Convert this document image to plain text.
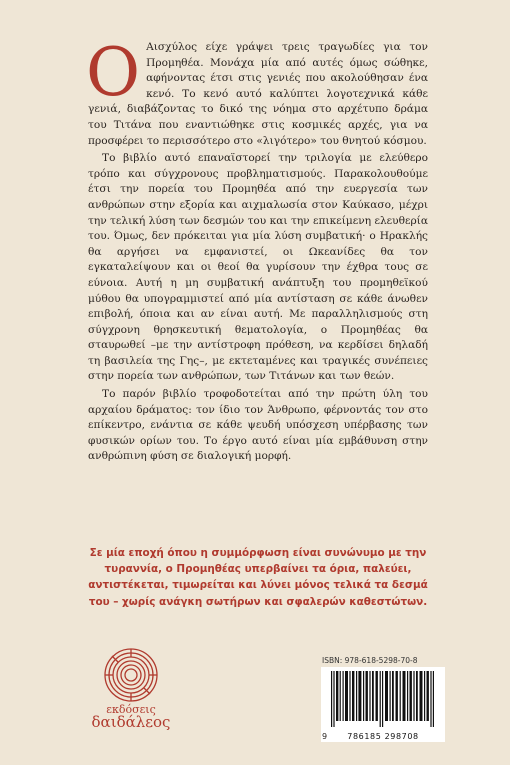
Ο Αισχύλος είχε γράψει τρεις τραγωδίες για τον Προμηθέα. Μονάχα μία από αυτές όμως σώθηκε, αφήνοντας έτσι στις γενιές που ακολούθησαν ένα κενό. Το κενό αυτό καλύπτει λογοτεχνικά κάθε γενιά, διαβάζοντας τo δικό της νόημα στο αρχέτυπο δράμα του Τιτάνα που εναντιώθηκε στις κοσμικές αρχές, για να προσφέρει το περισσότερο στο «λιγότερο» του θνητού κόσμου.

Το βιβλίο αυτό επαναϊστορεί την τριλογία με ελεύθερο τρόπο και σύγχρονους προβληματισμούς. Παρακολουθούμε έτσι την πορεία του Προμηθέα από την ευεργεσία των ανθρώπων στην εξορία και αιχμαλωσία στον Καύκασο, μέχρι την τελική λύση των δεσμών του και την επικείμενη ελευθερία του. Όμως, δεν πρόκειται για μία λύση συμβατική· ο Ηρακλής θα αργήσει να εμφανιστεί, οι Ωκεανίδες θα τον εγκαταλείψουν και οι θεοί θα γυρίσουν την έχθρα τους σε εύνοια. Αυτή η μη συμβατική ανάπτυξη του προμηθεϊκού μύθου θα υπογραμμιστεί από μία αντίσταση σε κάθε άνωθεν επιβολή, όποια και αν είναι αυτή. Με παραλληλισμούς στη σύγχρονη θρησκευτική θεματολογία, ο Προμηθέας θα σταυρωθεί –με την αντίστροφη πρόθεση, να κερδίσει δηλαδή τη βασιλεία της Γης–, με εκτεταμένες και τραγικές συνέπειες στην πορεία των ανθρώπων, των Τιτάνων και των θεών.

Το παρόν βιβλίο τροφοδοτείται από την πρώτη ύλη του αρχαίου δράματος: τον ίδιο τον Άνθρωπο, φέρνοντάς τον στο επίκεντρο, ενάντια σε κάθε ψευδή υπόσχεση υπέρβασης των φυσικών ορίων του. Το έργο αυτό είναι μία εμβάθυνση στην ανθρώπινη φύση σε διαλογική μορφή.

Σε μία εποχή όπου η συμμόρφωση είναι συνώνυμο με την τυραννία, ο Προμηθέας υπερβαίνει τα όρια, παλεύει, αντιστέκεται, τιμωρείται και λύνει μόνος τελικά τα δεσμά του – χωρίς ανάγκη σωτήρων και σφαλερών καθεστώτων.
εκδόσεις
δαιδάλεος
ISBN: 978-618-5298-70-8
9	786185 298708
